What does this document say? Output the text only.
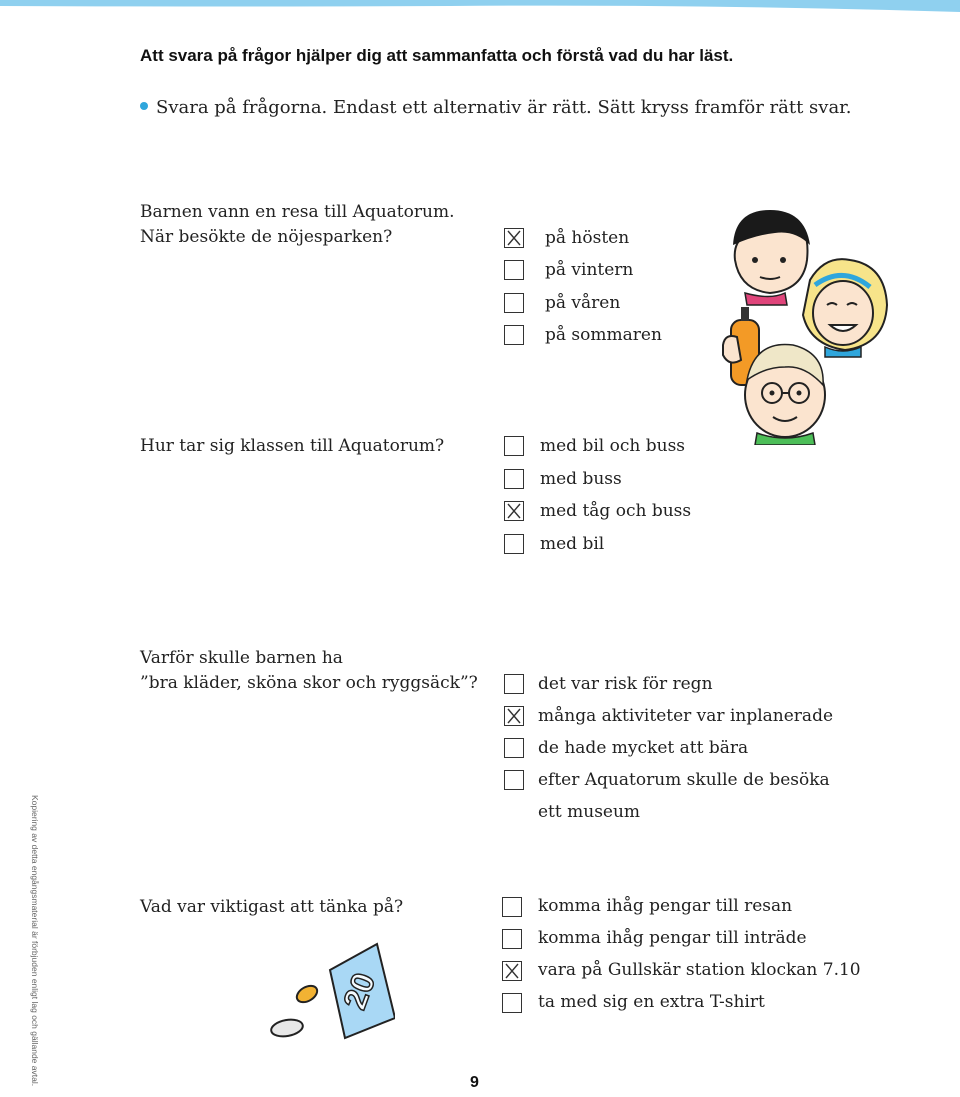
Att svara på frågor hjälper dig att sammanfatta och förstå vad du har läst.
Svara på frågorna. Endast ett alternativ är rätt. Sätt kryss framför rätt svar.
Barnen vann en resa till Aquatorum.
När besökte de nöjesparken?	på hösten
på vintern
på våren
på sommaren
Hur tar sig klassen till Aquatorum?	med bil och buss
med buss
med tåg och buss
med bil
Varför skulle barnen ha
”bra kläder, sköna skor och ryggsäck”?	det var risk för regn
många aktiviteter var inplanerade
de hade mycket att bära
efter Aquatorum skulle de besöka
ett museum
Vad var viktigast att tänka på?	komma ihåg pengar till resan
komma ihåg pengar till inträde
vara på Gullskär station klockan 7.10
ta med sig en extra T-shirt
20
Kopiering av detta engångsmaterial är förbjuden enligt lag och gällande avtal.	9
